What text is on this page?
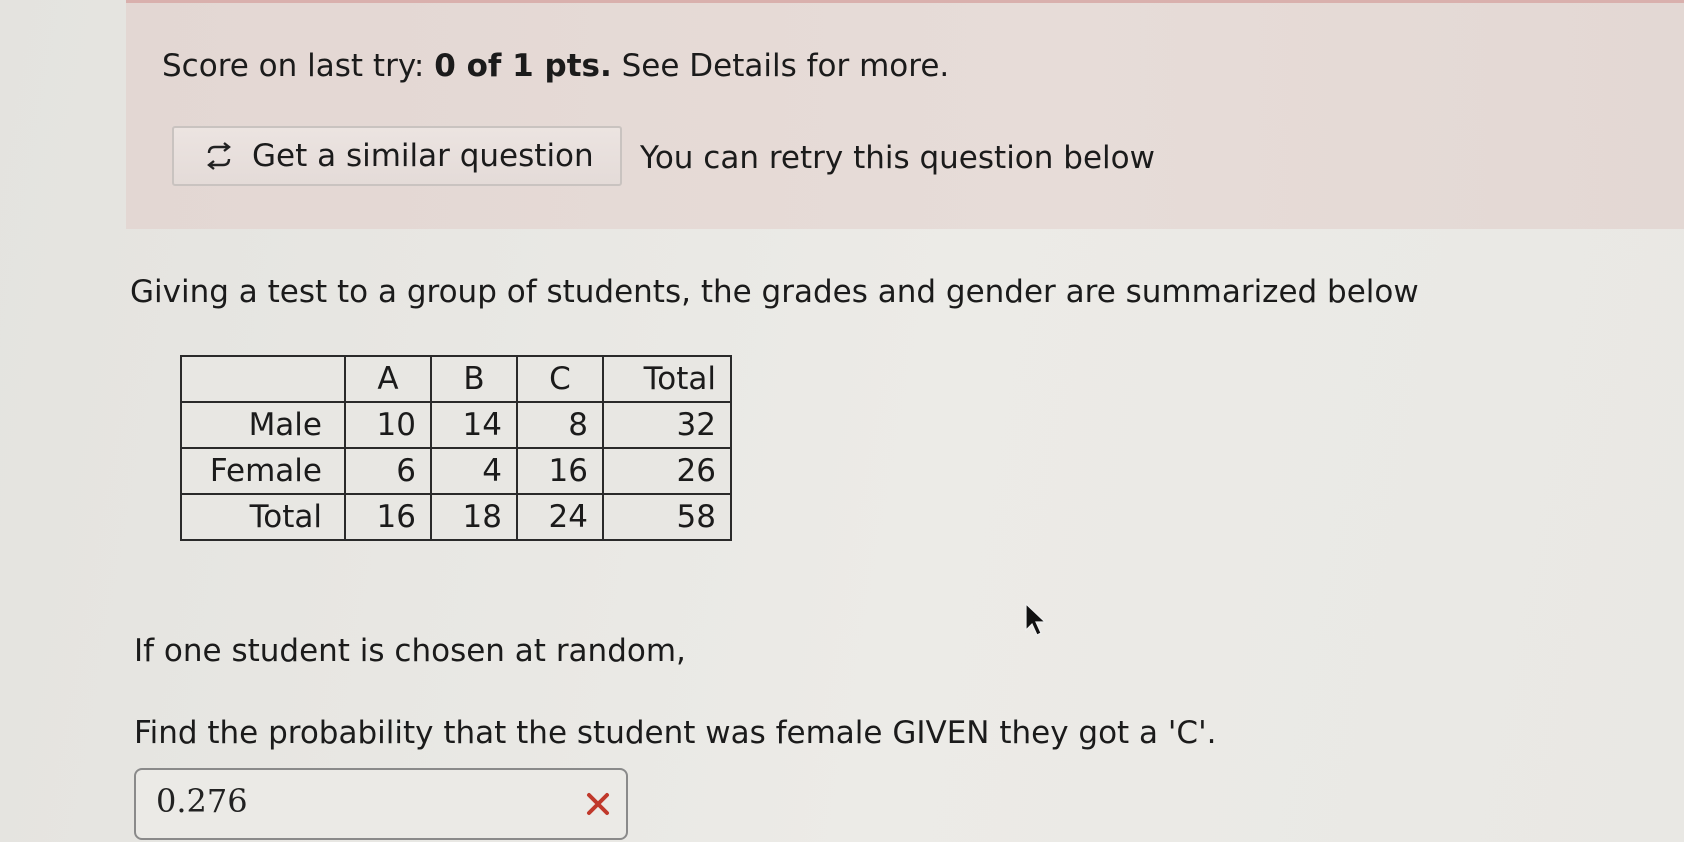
Score on last try: 0 of 1 pts. See Details for more.
Get a similar question You can retry this question below
Giving a test to a group of students, the grades and gender are summarized below
	A	B	C	Total
Male	10	14	8	32
Female	6	4	16	26
Total	16	18	24	58
If one student is chosen at random,
Find the probability that the student was female GIVEN they got a 'C'.
0.276
